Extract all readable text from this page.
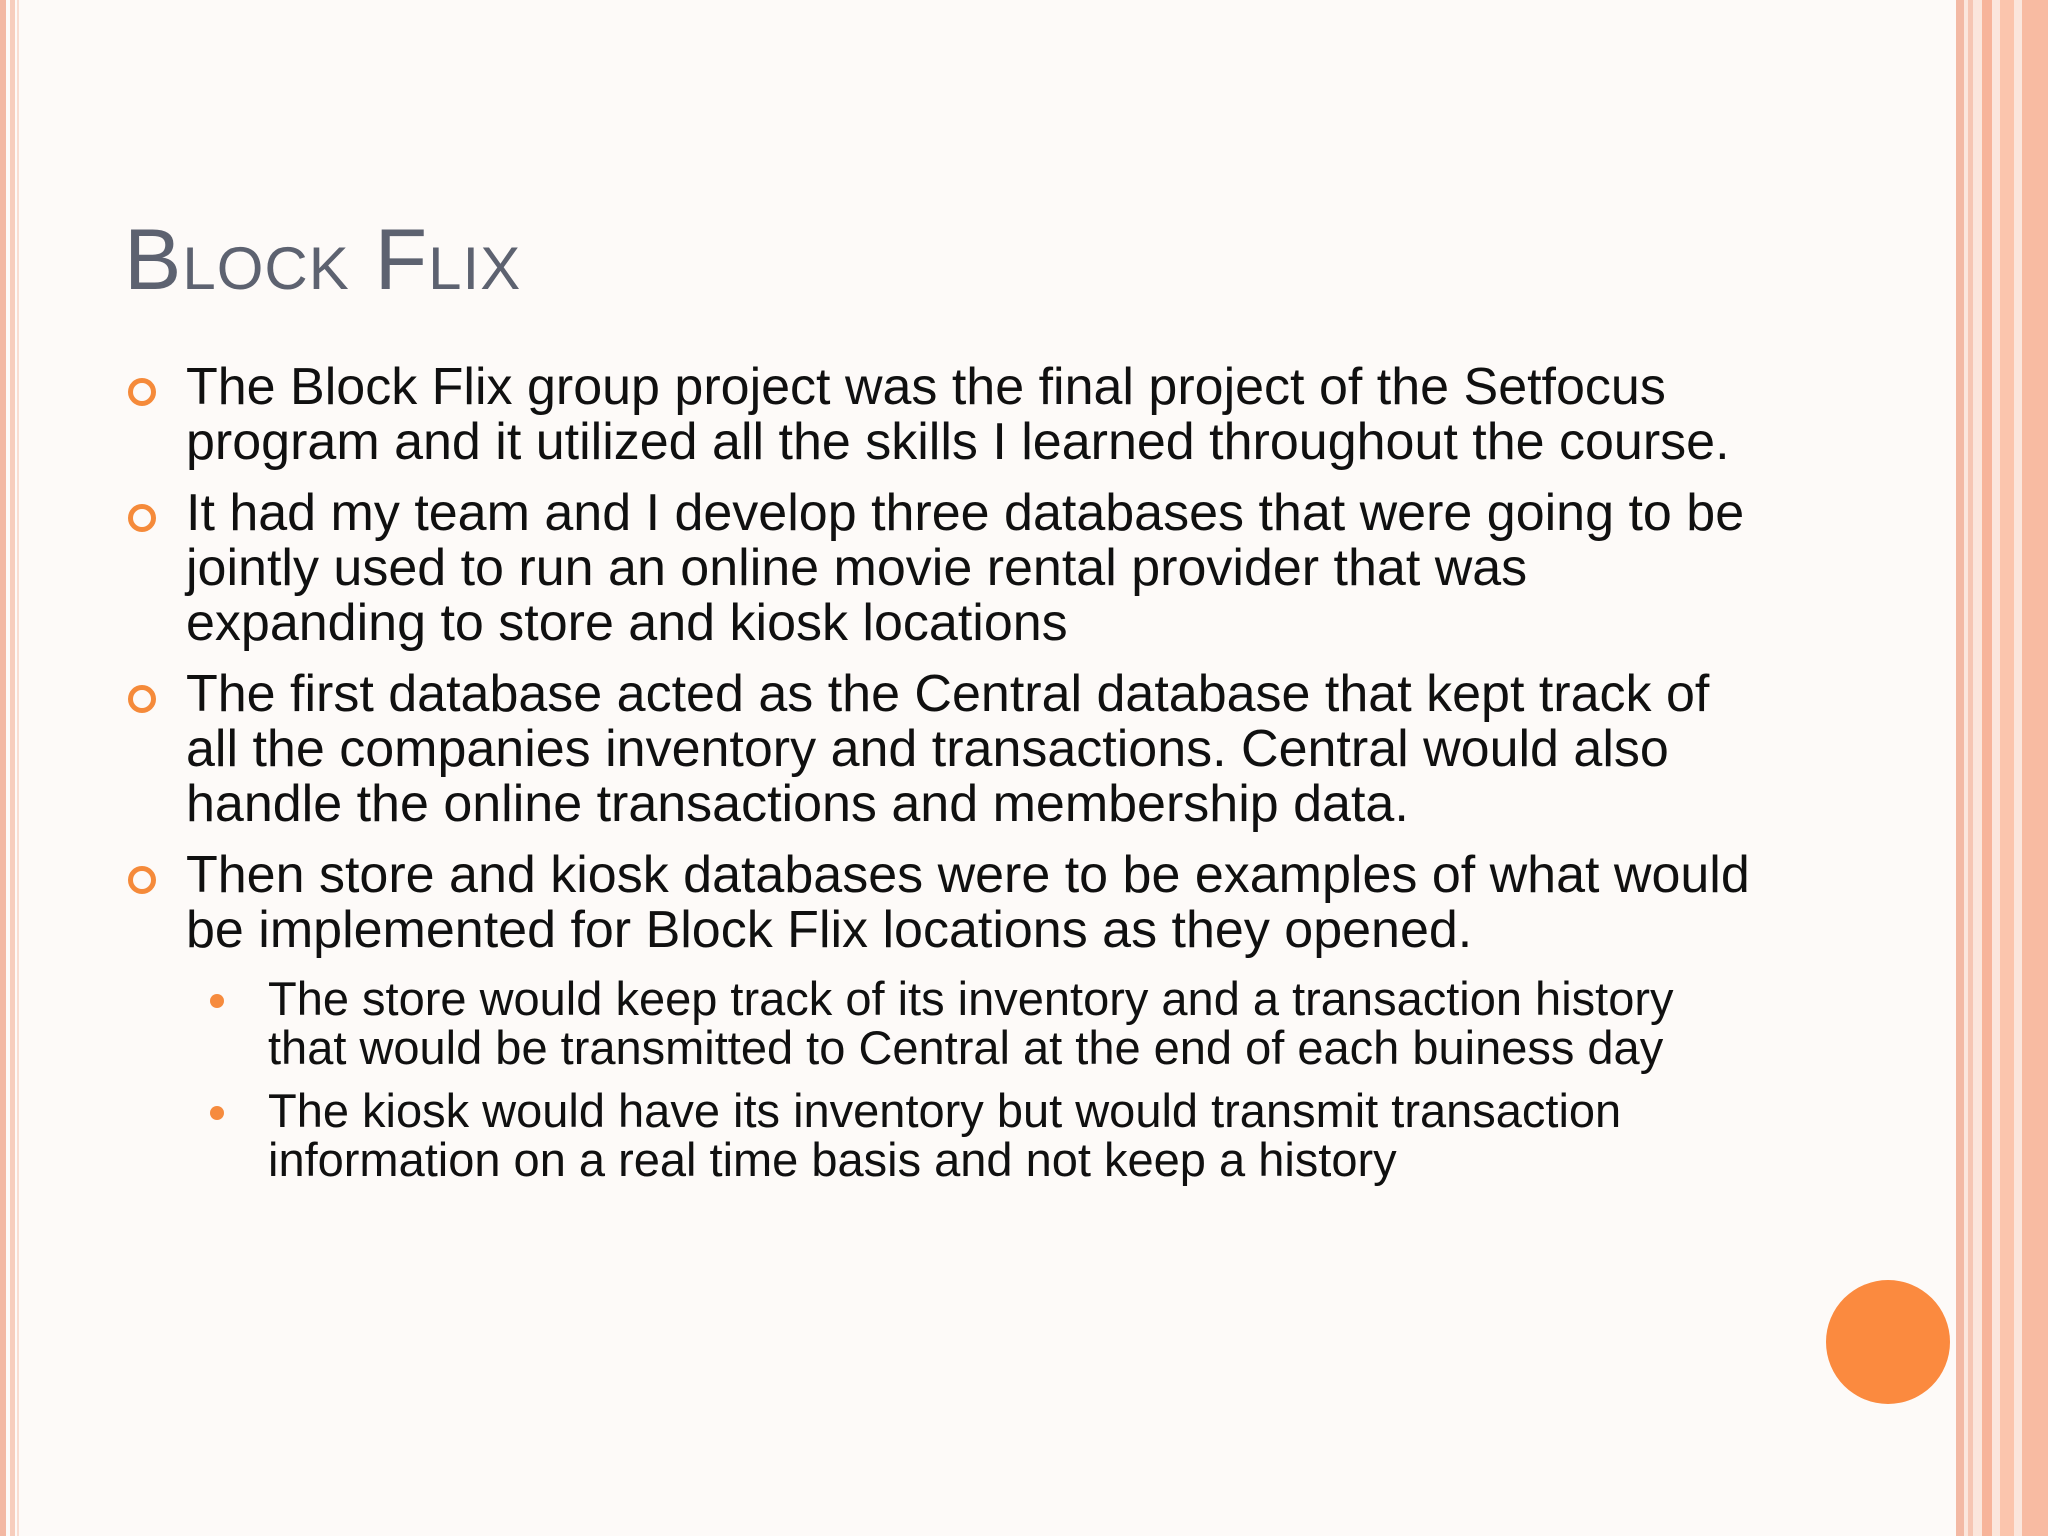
Block Flix
The Block Flix group project was the final project of the Setfocus program and it utilized all the skills I learned throughout the course.
It had my team and I develop three databases that were going to be jointly used to run an online movie rental provider that was expanding to store and kiosk locations
The first database acted as the Central database that kept track of all the companies inventory and transactions. Central would also handle the online transactions and membership data.
Then store and kiosk databases were to be examples of what would be implemented for Block Flix locations as they opened.
The store would keep track of its inventory and a transaction history that would be transmitted to Central at the end of each buiness day
The kiosk would have its inventory but would transmit transaction information on a real time basis and not keep a history
